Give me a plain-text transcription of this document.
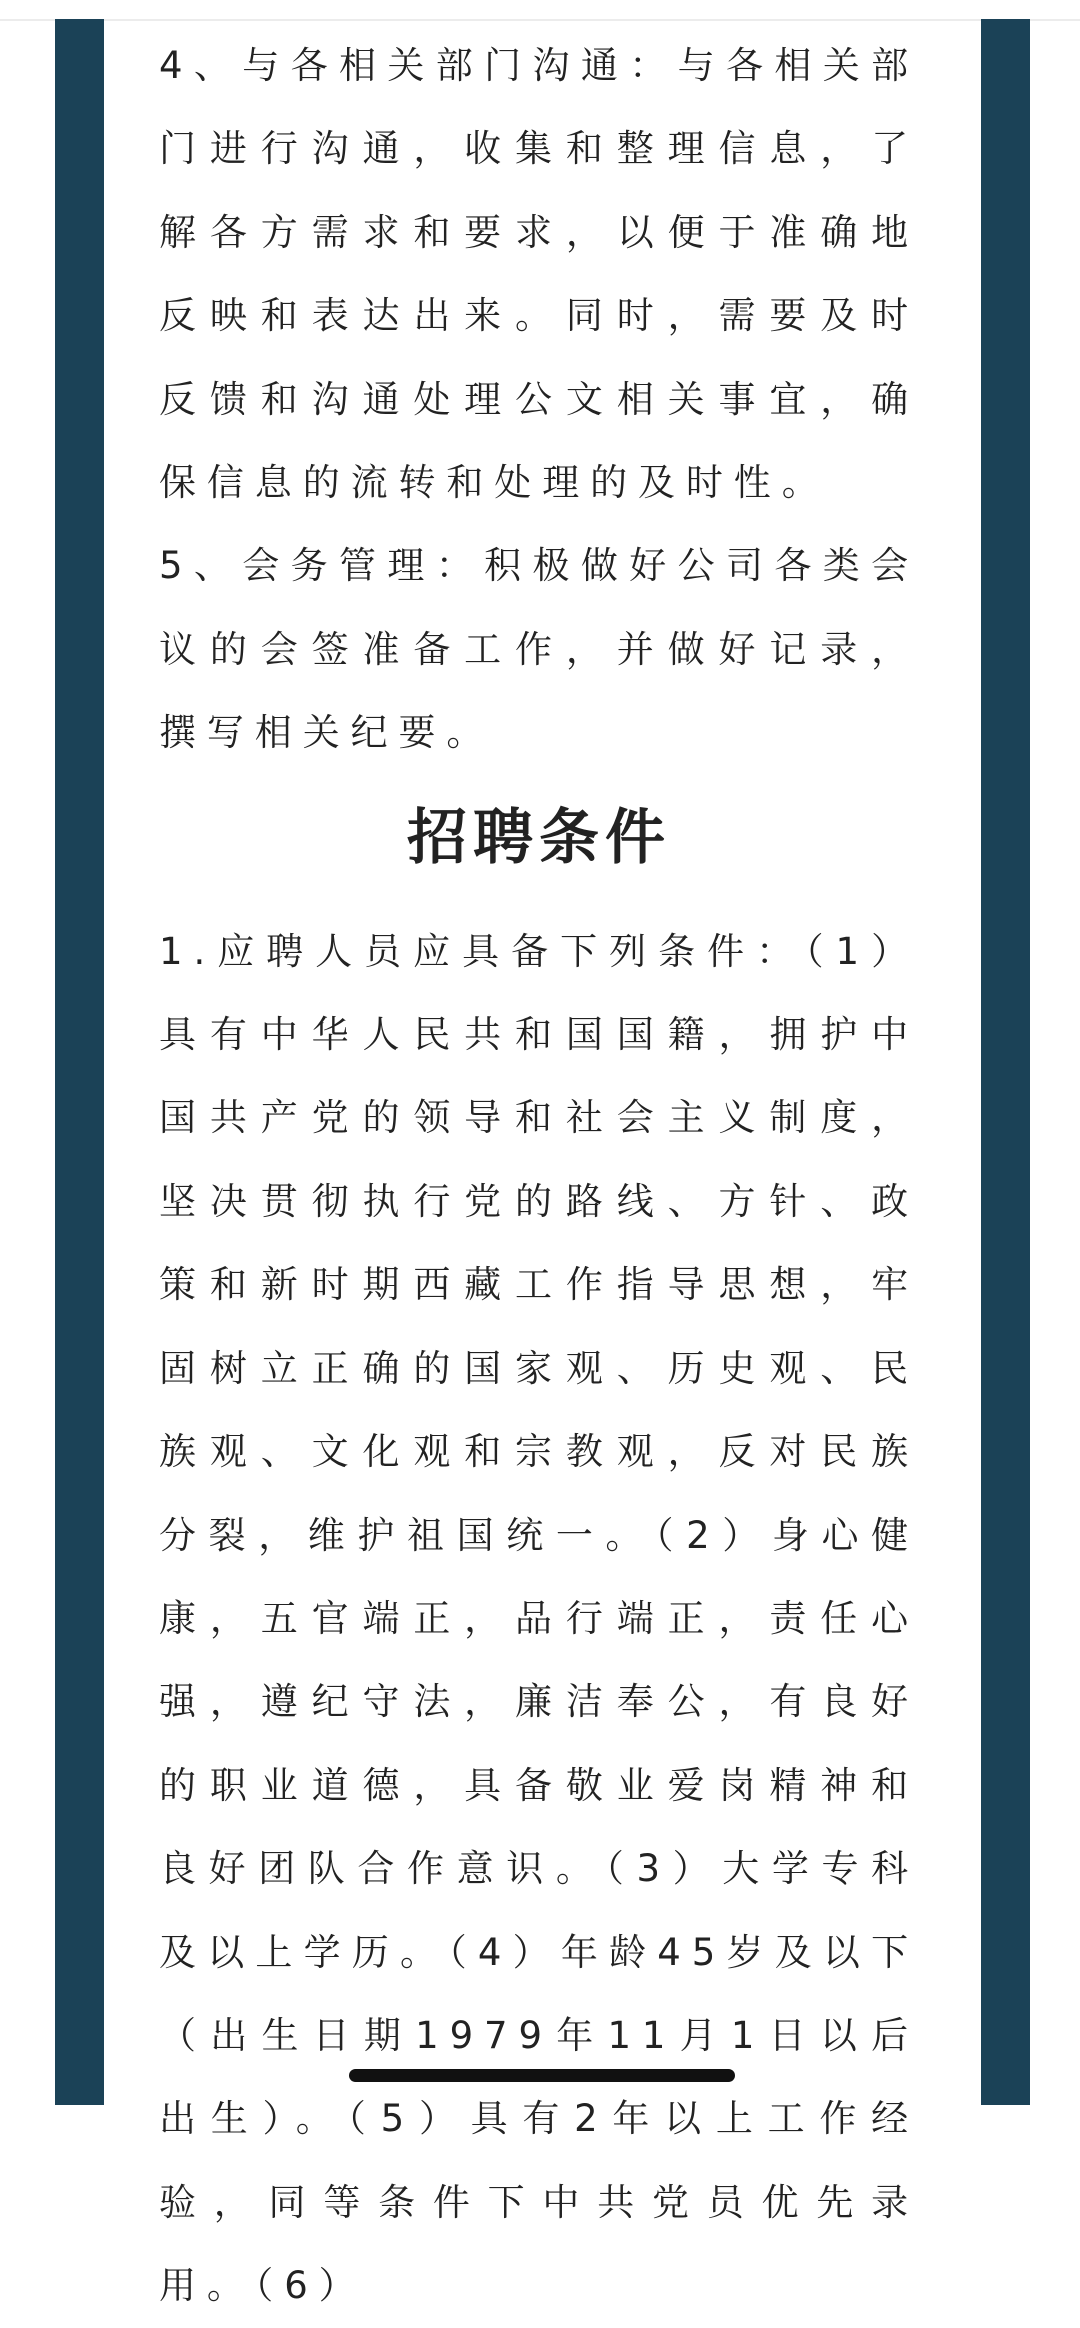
4、与各相关部门沟通：与各相关部门进行沟通，收集和整理信息，了解各方需求和要求，以便于准确地反映和表达出来。同时，需要及时反馈和沟通处理公文相关事宜，确保信息的流转和处理的及时性。

5、会务管理：积极做好公司各类会议的会签准备工作，并做好记录，撰写相关纪要。

招聘条件

1.应聘人员应具备下列条件：（1）具有中华人民共和国国籍，拥护中国共产党的领导和社会主义制度，坚决贯彻执行党的路线、方针、政策和新时期西藏工作指导思想，牢固树立正确的国家观、历史观、民族观、文化观和宗教观，反对民族分裂，维护祖国统一。（2）身心健康，五官端正，品行端正，责任心强，遵纪守法，廉洁奉公，有良好的职业道德，具备敬业爱岗精神和良好团队合作意识。（3）大学专科及以上学历。（4）年龄45岁及以下（出生日期1979年11月1日以后出生）。（5）具有2年以上工作经验，同等条件下中共党员优先录用。（6）
